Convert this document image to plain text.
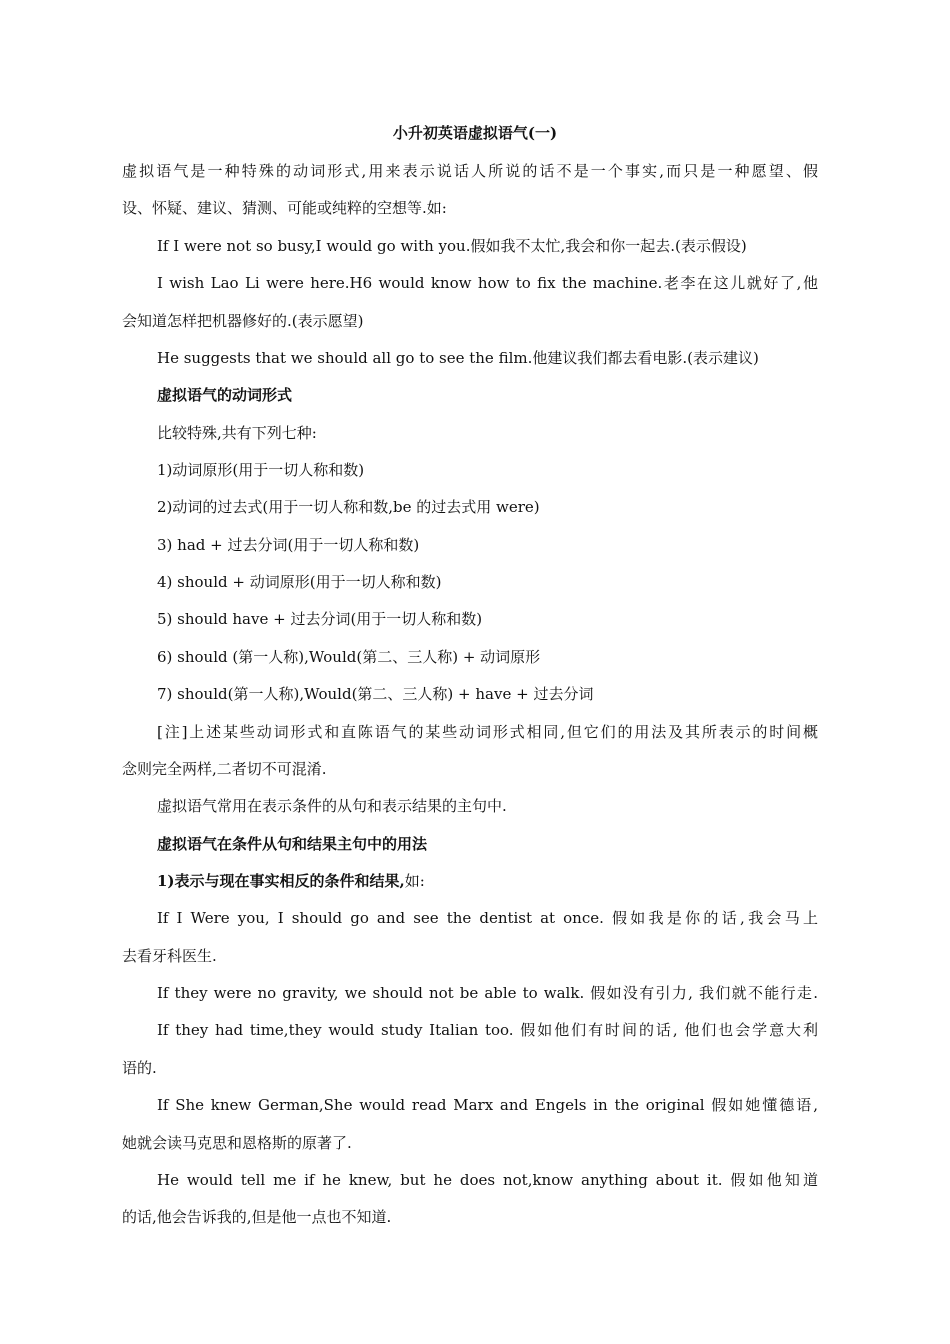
小升初英语虚拟语气(一)
虚拟语气是一种特殊的动词形式,用来表示说话人所说的话不是一个事实,而只是一种愿望、假
设、怀疑、建议、猜测、可能或纯粹的空想等.如:
If I were not so busy,I would go with you.假如我不太忙,我会和你一起去.(表示假设)
I wish Lao Li were here.H6 would know how to fix the machine.老李在这儿就好了,他
会知道怎样把机器修好的.(表示愿望)
He suggests that we should all go to see the film.他建议我们都去看电影.(表示建议)
虚拟语气的动词形式
比较特殊,共有下列七种:
1)动词原形(用于一切人称和数)
2)动词的过去式(用于一切人称和数,be 的过去式用 were)
3) had + 过去分词(用于一切人称和数)
4) should + 动词原形(用于一切人称和数)
5) should have + 过去分词(用于一切人称和数)
6) should (第一人称),Would(第二、三人称) + 动词原形
7) should(第一人称),Would(第二、三人称) + have + 过去分词
[注]上述某些动词形式和直陈语气的某些动词形式相同,但它们的用法及其所表示的时间概
念则完全两样,二者切不可混淆.
虚拟语气常用在表示条件的从句和表示结果的主句中.
虚拟语气在条件从句和结果主句中的用法
1)表示与现在事实相反的条件和结果,如:
If I Were you, I should go and see the dentist at once. 假如我是你的话,我会马上
去看牙科医生.
If they were no gravity, we should not be able to walk. 假如没有引力, 我们就不能行走.
If they had time,they would study Italian too. 假如他们有时间的话, 他们也会学意大利
语的.
If She knew German,She would read Marx and Engels in the original 假如她懂德语,
她就会读马克思和恩格斯的原著了.
He would tell me if he knew, but he does not,know anything about it. 假如他知道
的话,他会告诉我的,但是他一点也不知道.
